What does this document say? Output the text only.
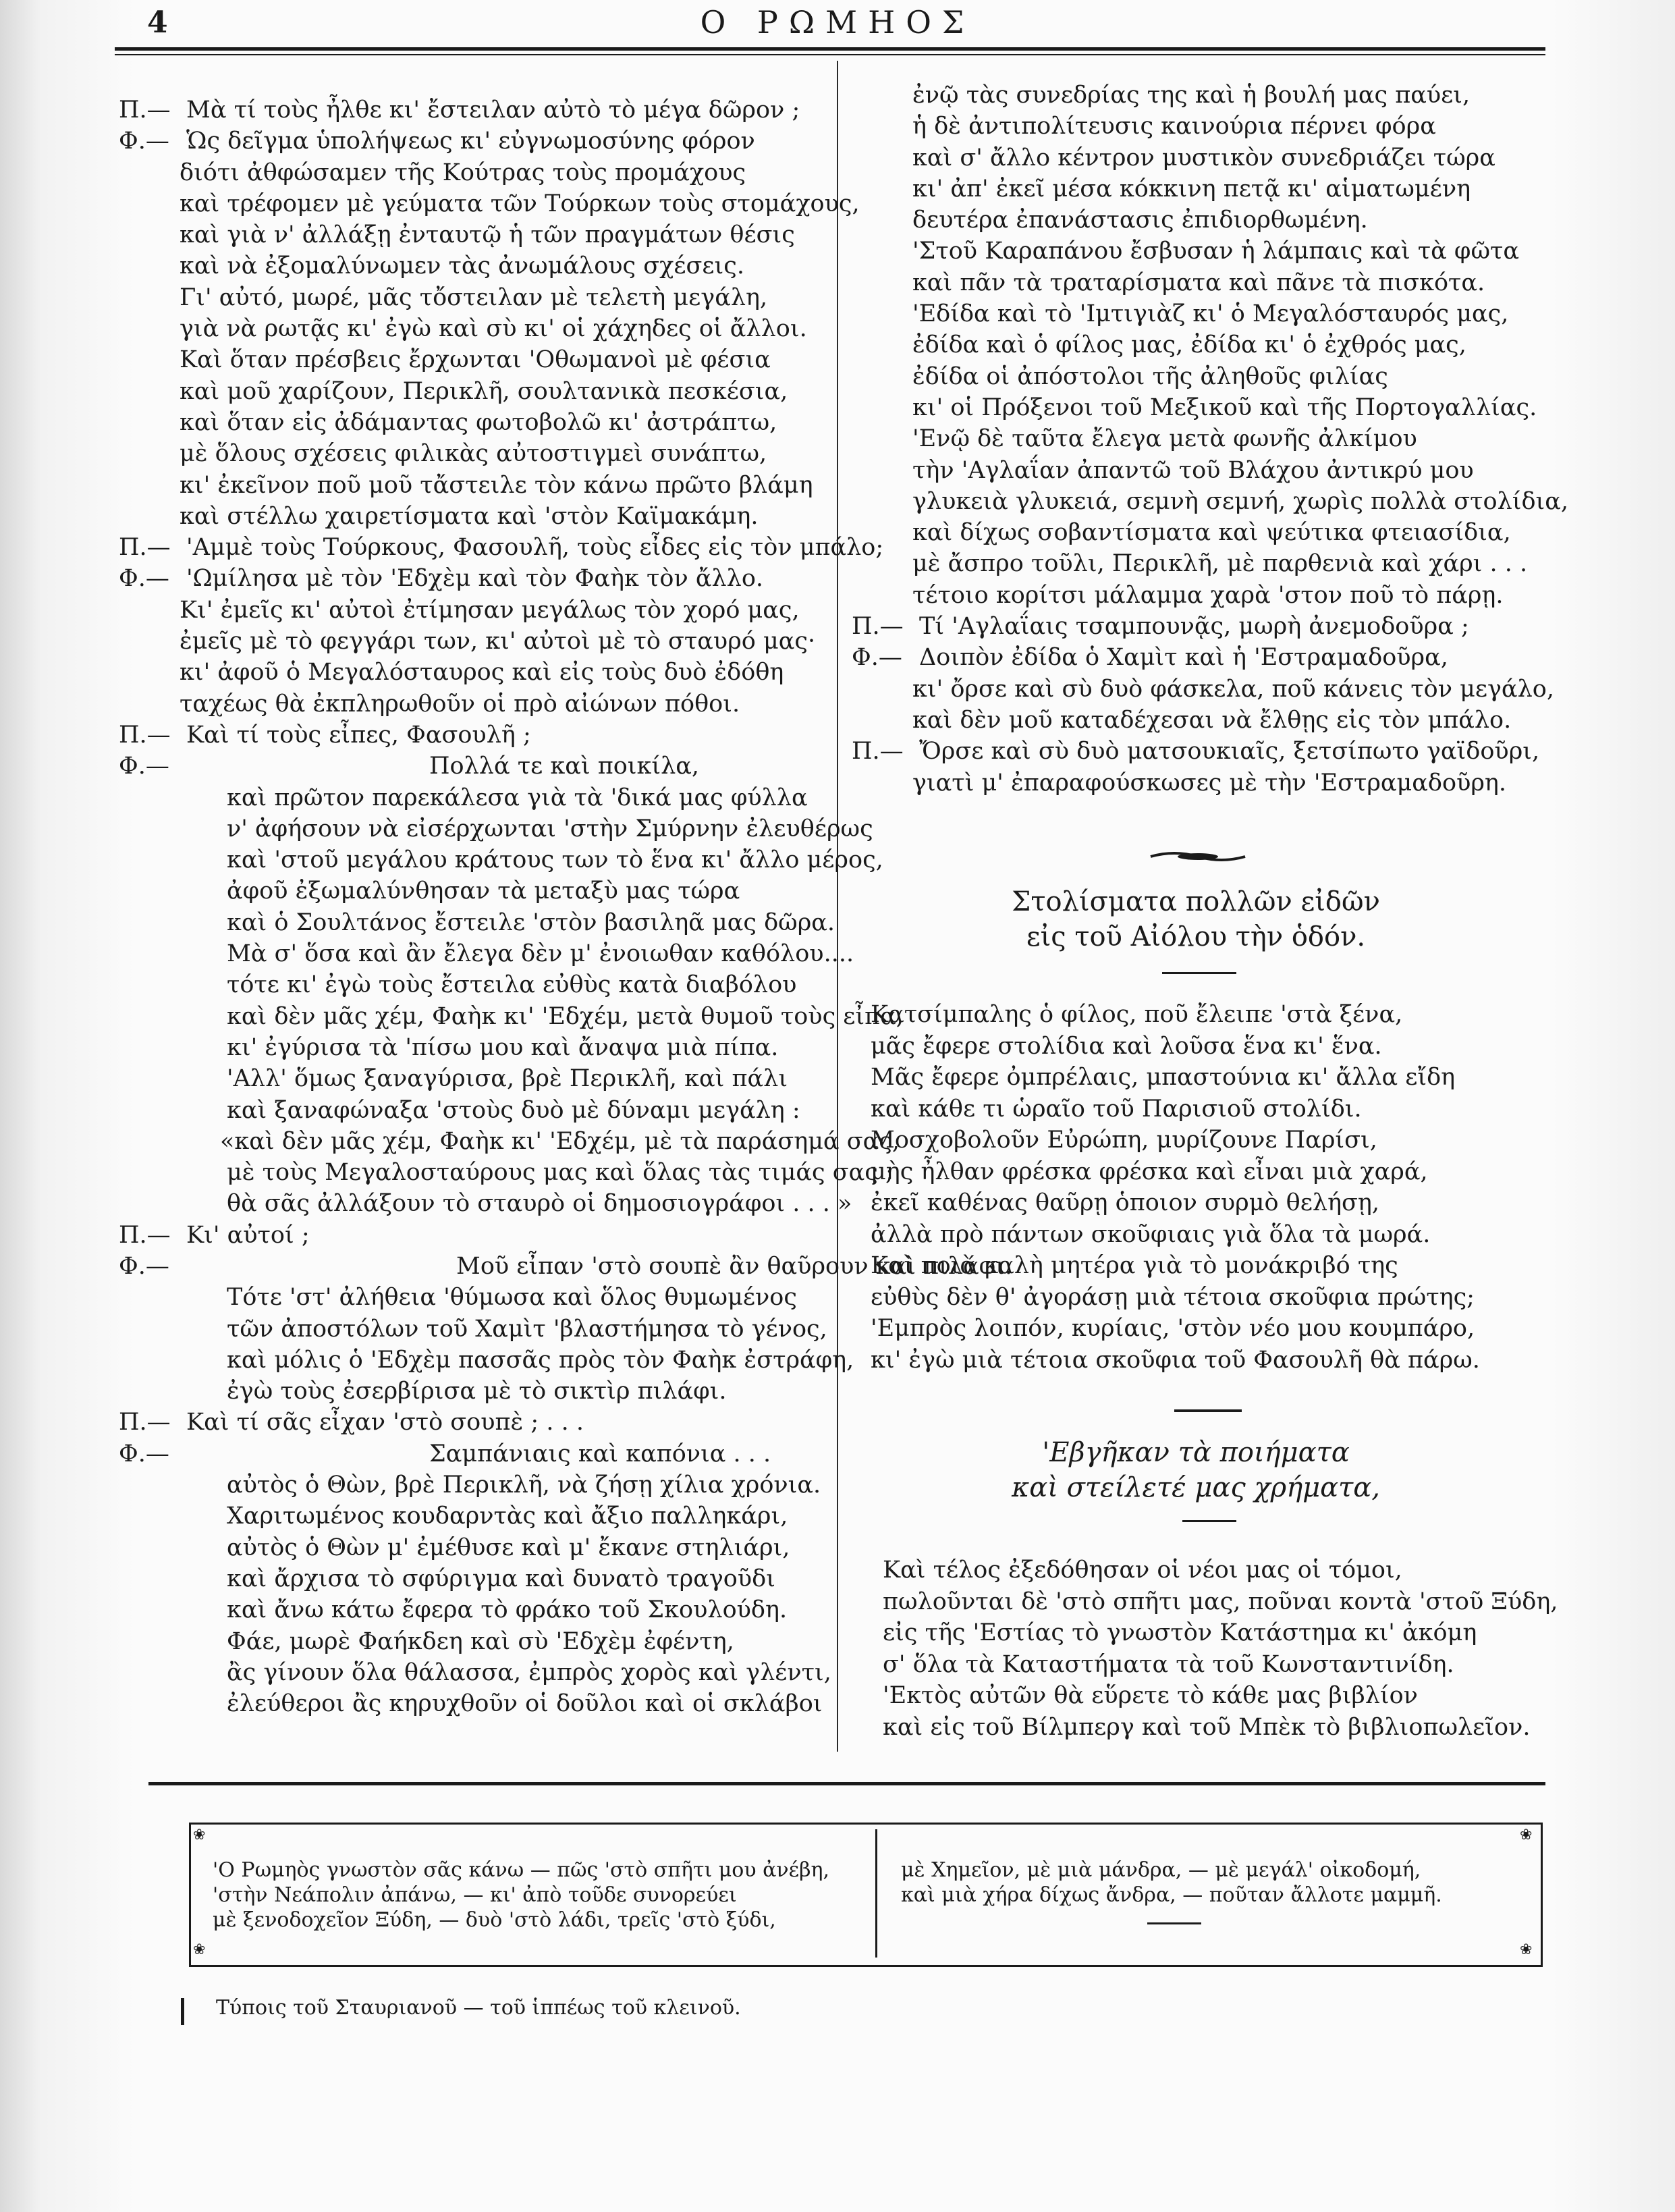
4	Ο ΡΩΜΗΟΣ
Π.— Μὰ τί τοὺς ἦλθε κι' ἔστειλαν αὐτὸ τὸ μέγα δῶρον ;
Φ.— Ὡς δεῖγμα ὑπολήψεως κι' εὐγνωμοσύνης φόρον
διότι ἀθφώσαμεν τῆς Κούτρας τοὺς προμάχους
καὶ τρέφομεν μὲ γεύματα τῶν Τούρκων τοὺς στομάχους,
καὶ γιὰ ν' ἀλλάξῃ ἐνταυτῷ ἡ τῶν πραγμάτων θέσις
καὶ νὰ ἐξομαλύνωμεν τὰς ἀνωμάλους σχέσεις.
Γι' αὐτό, μωρέ, μᾶς τὄστειλαν μὲ τελετὴ μεγάλη,
γιὰ νὰ ρωτᾷς κι' ἐγὼ καὶ σὺ κι' οἱ χάχηδες οἱ ἄλλοι.
Καὶ ὅταν πρέσβεις ἔρχωνται 'Οθωμανοὶ μὲ φέσια
καὶ μοῦ χαρίζουν, Περικλῆ, σουλτανικὰ πεσκέσια,
καὶ ὅταν εἰς ἀδάμαντας φωτοβολῶ κι' ἀστράπτω,
μὲ ὅλους σχέσεις φιλικὰς αὐτοστιγμεὶ συνάπτω,
κι' ἐκεῖνον ποῦ μοῦ τἄστειλε τὸν κάνω πρῶτο βλάμη
καὶ στέλλω χαιρετίσματα καὶ 'στὸν Καϊμακάμη.
Π.— 'Αμμὲ τοὺς Τούρκους, Φασουλῆ, τοὺς εἶδες εἰς τὸν μπάλο;
Φ.— 'Ωμίλησα μὲ τὸν 'Εδχὲμ καὶ τὸν Φαὴκ τὸν ἄλλο.
Κι' ἐμεῖς κι' αὐτοὶ ἐτίμησαν μεγάλως τὸν χορό μας,
ἐμεῖς μὲ τὸ φεγγάρι των, κι' αὐτοὶ μὲ τὸ σταυρό μας·
κι' ἀφοῦ ὁ Μεγαλόσταυρος καὶ εἰς τοὺς δυὸ ἐδόθη
ταχέως θὰ ἐκπληρωθοῦν οἱ πρὸ αἰώνων πόθοι.
Π.— Καὶ τί τοὺς εἶπες, Φασουλῆ ;
Φ.—	Πολλά τε καὶ ποικίλα,
καὶ πρῶτον παρεκάλεσα γιὰ τὰ 'δικά μας φύλλα
ν' ἀφήσουν νὰ εἰσέρχωνται 'στὴν Σμύρνην ἐλευθέρως
καὶ 'στοῦ μεγάλου κράτους των τὸ ἕνα κι' ἄλλο μέρος,
ἀφοῦ ἐξωμαλύνθησαν τὰ μεταξὺ μας τώρα
καὶ ὁ Σουλτάνος ἔστειλε 'στὸν βασιληᾶ μας δῶρα.
Μὰ σ' ὅσα καὶ ἂν ἔλεγα δὲν μ' ἐνοιωθαν καθόλου....
τότε κι' ἐγὼ τοὺς ἔστειλα εὐθὺς κατὰ διαβόλου
καὶ δὲν μᾶς χέμ, Φαὴκ κι' 'Εδχέμ, μετὰ θυμοῦ τοὺς εἶπα,
κι' ἐγύρισα τὰ 'πίσω μου καὶ ἄναψα μιὰ πίπα.
'Αλλ' ὅμως ξαναγύρισα, βρὲ Περικλῆ, καὶ πάλι
καὶ ξαναφώναξα 'στοὺς δυὸ μὲ δύναμι μεγάλη :
«καὶ δὲν μᾶς χέμ, Φαὴκ κι' 'Εδχέμ, μὲ τὰ παράσημά σας,
μὲ τοὺς Μεγαλοσταύρους μας καὶ ὅλας τὰς τιμάς σας ;
θὰ σᾶς ἀλλάξουν τὸ σταυρὸ οἱ δημοσιογράφοι . . . »
Π.— Κι' αὐτοί ;
Φ.—	Μοῦ εἶπαν 'στὸ σουπὲ ἂν θαῦρουν καὶ πιλάφι.
Τότε 'στ' ἀλήθεια 'θύμωσα καὶ ὅλος θυμωμένος
τῶν ἀποστόλων τοῦ Χαμὶτ 'βλαστήμησα τὸ γένος,
καὶ μόλις ὁ 'Εδχὲμ πασσᾶς πρὸς τὸν Φαὴκ ἐστράφη,
ἐγὼ τοὺς ἐσερβίρισα μὲ τὸ σικτὶρ πιλάφι.
Π.— Καὶ τί σᾶς εἶχαν 'στὸ σουπὲ ; . . .
Φ.—	Σαμπάνιαις καὶ καπόνια . . .
αὐτὸς ὁ Θὼν, βρὲ Περικλῆ, νὰ ζήσῃ χίλια χρόνια.
Χαριτωμένος κουδαρντὰς καὶ ἄξιο παλληκάρι,
αὐτὸς ὁ Θὼν μ' ἐμέθυσε καὶ μ' ἔκανε στηλιάρι,
καὶ ἄρχισα τὸ σφύριγμα καὶ δυνατὸ τραγοῦδι
καὶ ἄνω κάτω ἔφερα τὸ φράκο τοῦ Σκουλούδη.
Φάε, μωρὲ Φαήκδεη καὶ σὺ 'Εδχὲμ ἐφέντη,
ἂς γίνουν ὅλα θάλασσα, ἐμπρὸς χορὸς καὶ γλέντι,
ἐλεύθεροι ἂς κηρυχθοῦν οἱ δοῦλοι καὶ οἱ σκλάβοι
ἐνῷ τὰς συνεδρίας της καὶ ἡ βουλή μας παύει,
ἡ δὲ ἀντιπολίτευσις καινούρια πέρνει φόρα
καὶ σ' ἄλλο κέντρον μυστικὸν συνεδριάζει τώρα
κι' ἀπ' ἐκεῖ μέσα κόκκινη πετᾷ κι' αἱματωμένη
δευτέρα ἐπανάστασις ἐπιδιορθωμένη.
'Στοῦ Καραπάνου ἔσβυσαν ἡ λάμπαις καὶ τὰ φῶτα
καὶ πᾶν τὰ τραταρίσματα καὶ πᾶνε τὰ πισκότα.
'Εδίδα καὶ τὸ 'Ιμτιγιὰζ κι' ὁ Μεγαλόσταυρός μας,
ἐδίδα καὶ ὁ φίλος μας, ἐδίδα κι' ὁ ἐχθρός μας,
ἐδίδα οἱ ἀπόστολοι τῆς ἀληθοῦς φιλίας
κι' οἱ Πρόξενοι τοῦ Μεξικοῦ καὶ τῆς Πορτογαλλίας.
'Ενῷ δὲ ταῦτα ἔλεγα μετὰ φωνῆς ἀλκίμου
τὴν 'Αγλαΐαν ἀπαντῶ τοῦ Βλάχου ἀντικρύ μου
γλυκειὰ γλυκειά, σεμνὴ σεμνή, χωρὶς πολλὰ στολίδια,
καὶ δίχως σοβαντίσματα καὶ ψεύτικα φτειασίδια,
μὲ ἄσπρο τοῦλι, Περικλῆ, μὲ παρθενιὰ καὶ χάρι . . .
τέτοιο κορίτσι μάλαμμα χαρὰ 'στον ποῦ τὸ πάρῃ.
Π.— Τί 'Αγλαΐαις τσαμπουνᾷς, μωρὴ ἀνεμοδοῦρα ;
Φ.— Δοιπὸν ἐδίδα ὁ Χαμὶτ καὶ ἡ 'Εστραμαδοῦρα,
κι' ὄρσε καὶ σὺ δυὸ φάσκελα, ποῦ κάνεις τὸν μεγάλο,
καὶ δὲν μοῦ καταδέχεσαι νὰ ἔλθῃς εἰς τὸν μπάλο.
Π.— Ὄρσε καὶ σὺ δυὸ ματσουκιαῖς, ξετσίπωτο γαϊδοῦρι,
γιατὶ μ' ἐπαραφούσκωσες μὲ τὴν 'Εστραμαδοῦρη.
Στολίσματα πολλῶν εἰδῶν
εἰς τοῦ Αἰόλου τὴν ὁδόν.
Κατσίμπαλης ὁ φίλος, ποῦ ἔλειπε 'στὰ ξένα,
μᾶς ἔφερε στολίδια καὶ λοῦσα ἕνα κι' ἕνα.
Μᾶς ἔφερε ὀμπρέλαις, μπαστούνια κι' ἄλλα εἴδη
καὶ κάθε τι ὡραῖο τοῦ Παρισιοῦ στολίδι.
Μοσχοβολοῦν Εὐρώπη, μυρίζουνε Παρίσι,
μὴς ἦλθαν φρέσκα φρέσκα καὶ εἶναι μιὰ χαρά,
ἐκεῖ καθένας θαῦρῃ ὁποιον συρμὸ θελήσῃ,
ἀλλὰ πρὸ πάντων σκοῦφιαις γιὰ ὅλα τὰ μωρά.
Καὶ ποιὰ καλὴ μητέρα γιὰ τὸ μονάκριβό της
εὐθὺς δὲν θ' ἀγοράσῃ μιὰ τέτοια σκοῦφια πρώτης;
'Εμπρὸς λοιπόν, κυρίαις, 'στὸν νέο μου κουμπάρο,
κι' ἐγὼ μιὰ τέτοια σκοῦφια τοῦ Φασουλῆ θὰ πάρω.
'Εβγῆκαν τὰ ποιήματα
καὶ στείλετέ μας χρήματα,
Καὶ τέλος ἐξεδόθησαν οἱ νέοι μας οἱ τόμοι,
πωλοῦνται δὲ 'στὸ σπῆτι μας, ποῦναι κοντὰ 'στοῦ Ξύδη,
εἰς τῆς 'Εστίας τὸ γνωστὸν Κατάστημα κι' ἀκόμη
σ' ὅλα τὰ Καταστήματα τὰ τοῦ Κωνσταντινίδη.
'Εκτὸς αὐτῶν θὰ εὕρετε τὸ κάθε μας βιβλίον
καὶ εἰς τοῦ Βίλμπεργ καὶ τοῦ Μπὲκ τὸ βιβλιοπωλεῖον.
❀	❀
❀	❀
'Ο Ρωμηὸς γνωστὸν σᾶς κάνω — πῶς 'στὸ σπῆτι μου ἀνέβη,
'στὴν Νεάπολιν ἀπάνω, — κι' ἀπὸ τοῦδε συνορεύει
μὲ ξενοδοχεῖον Ξύδη, — δυὸ 'στὸ λάδι, τρεῖς 'στὸ ξύδι,
μὲ Χημεῖον, μὲ μιὰ μάνδρα, — μὲ μεγάλ' οἰκοδομή,
καὶ μιὰ χήρα δίχως ἄνδρα, — ποῦταν ἄλλοτε μαμμῆ.
Τύποις τοῦ Σταυριανοῦ — τοῦ ἱππέως τοῦ κλεινοῦ.
